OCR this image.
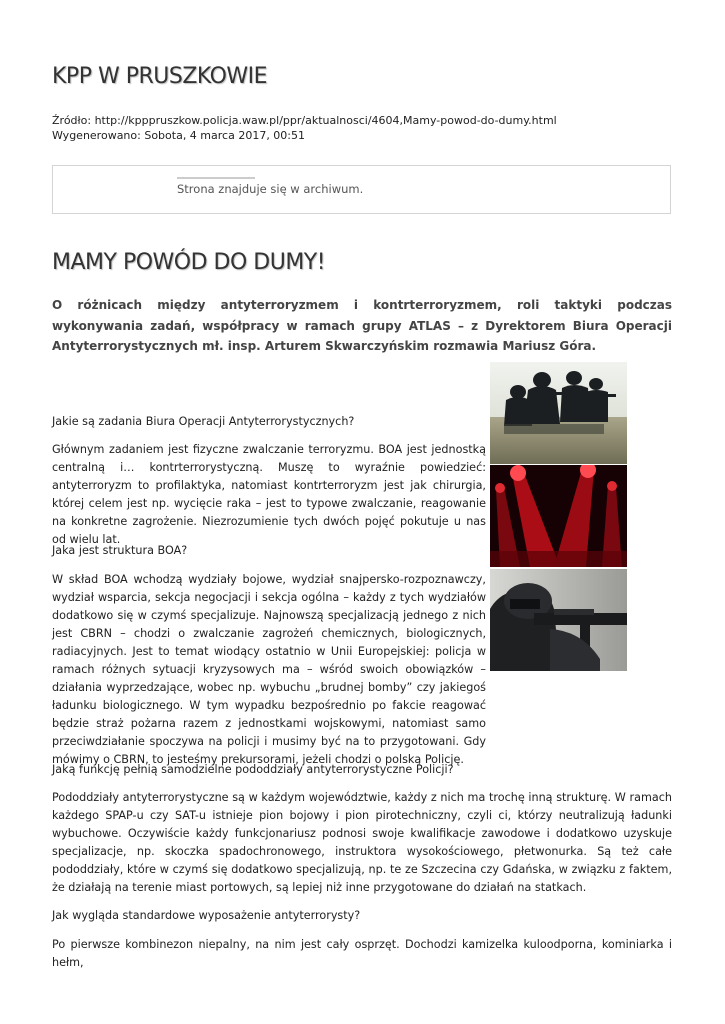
KPP W PRUSZKOWIE
Źródło: http://kpppruszkow.policja.waw.pl/ppr/aktualnosci/4604,Mamy-powod-do-dumy.html
Wygenerowano: Sobota, 4 marca 2017, 00:51
Strona znajduje się w archiwum.
MAMY POWÓD DO DUMY!

O różnicach między antyterroryzmem i kontrterroryzmem, roli taktyki podczas wykonywania zadań, współpracy w ramach grupy ATLAS – z Dyrektorem Biura Operacji Antyterrorystycznych mł. insp. Arturem Skwarczyńskim rozmawia Mariusz Góra.

Jakie są zadania Biura Operacji Antyterrorystycznych?

Głównym zadaniem jest fizyczne zwalczanie terroryzmu. BOA jest jednostką centralną i… kontrterrorystyczną. Muszę to wyraźnie powiedzieć: antyterroryzm to profilaktyka, natomiast kontrterroryzm jest jak chirurgia, której celem jest np. wycięcie raka – jest to typowe zwalczanie, reagowanie na konkretne zagrożenie. Niezrozumienie tych dwóch pojęć pokutuje u nas od wielu lat.

Jaka jest struktura BOA?

W skład BOA wchodzą wydziały bojowe, wydział snajpersko-rozpoznawczy, wydział wsparcia, sekcja negocjacji i sekcja ogólna – każdy z tych wydziałów dodatkowo się w czymś specjalizuje. Najnowszą specjalizacją jednego z nich jest CBRN – chodzi o zwalczanie zagrożeń chemicznych, biologicznych, radiacyjnych. Jest to temat wiodący ostatnio w Unii Europejskiej: policja w ramach różnych sytuacji kryzysowych ma – wśród swoich obowiązków – działania wyprzedzające, wobec np. wybuchu „brudnej bomby” czy jakiegoś ładunku biologicznego. W tym wypadku bezpośrednio po fakcie reagować będzie straż pożarna razem z jednostkami wojskowymi, natomiast samo przeciwdziałanie spoczywa na policji i musimy być na to przygotowani. Gdy mówimy o CBRN, to jesteśmy prekursorami, jeżeli chodzi o polską Policję.

Jaką funkcję pełnią samodzielne pododdziały antyterrorystyczne Policji?

Pododdziały antyterrorystyczne są w każdym województwie, każdy z nich ma trochę inną strukturę. W ramach każdego SPAP-u czy SAT-u istnieje pion bojowy i pion pirotechniczny, czyli ci, którzy neutralizują ładunki wybuchowe. Oczywiście każdy funkcjonariusz podnosi swoje kwalifikacje zawodowe i dodatkowo uzyskuje specjalizacje, np. skoczka spadochronowego, instruktora wysokościowego, płetwonurka. Są też całe pododdziały, które w czymś się dodatkowo specjalizują, np. te ze Szczecina czy Gdańska, w związku z faktem, że działają na terenie miast portowych, są lepiej niż inne przygotowane do działań na statkach.

Jak wygląda standardowe wyposażenie antyterrorysty?

Po pierwsze kombinezon niepalny, na nim jest cały osprzęt. Dochodzi kamizelka kuloodporna, kominiarka i hełm,
